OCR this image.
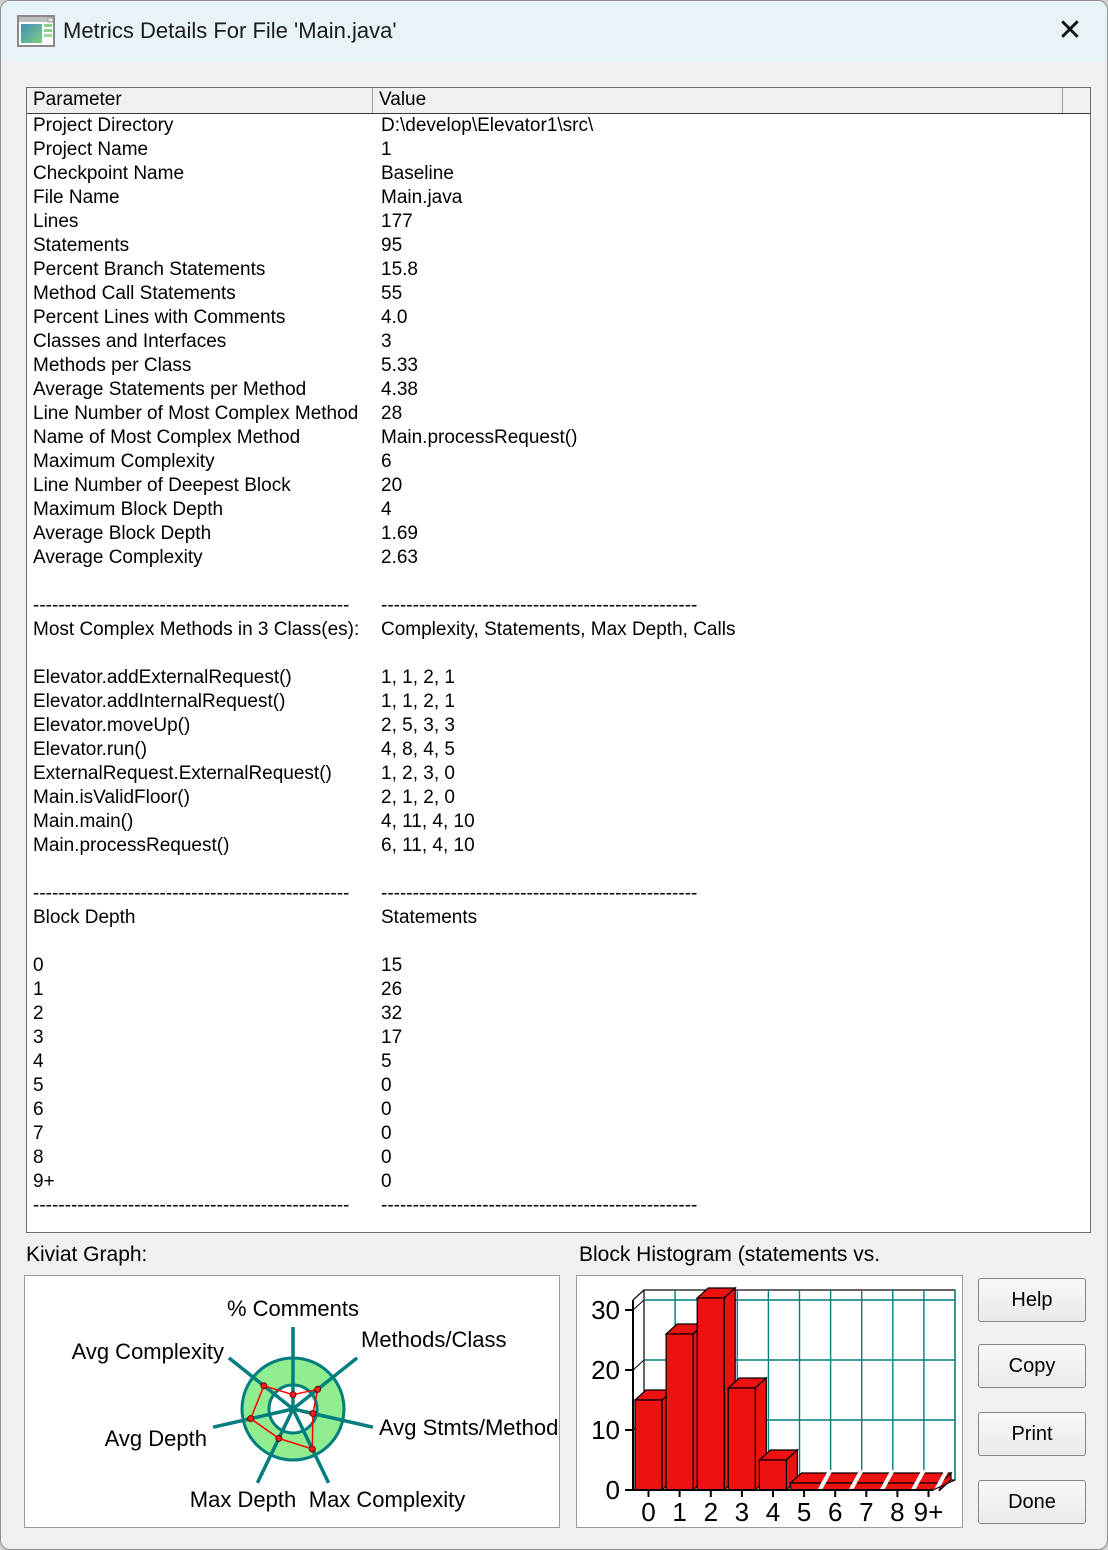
Metrics Details For File 'Main.java'	✕
Parameter	Value
Project Directory	D:\develop\Elevator1\src\
Project Name	1
Checkpoint Name	Baseline
File Name	Main.java
Lines	177
Statements	95
Percent Branch Statements	15.8
Method Call Statements	55
Percent Lines with Comments	4.0
Classes and Interfaces	3
Methods per Class	5.33
Average Statements per Method	4.38
Line Number of Most Complex Method	28
Name of Most Complex Method	Main.processRequest()
Maximum Complexity	6
Line Number of Deepest Block	20
Maximum Block Depth	4
Average Block Depth	1.69
Average Complexity	2.63
--------------------------------------------------	--------------------------------------------------
Most Complex Methods in 3 Class(es):	Complexity, Statements, Max Depth, Calls
Elevator.addExternalRequest()	1, 1, 2, 1
Elevator.addInternalRequest()	1, 1, 2, 1
Elevator.moveUp()	2, 5, 3, 3
Elevator.run()	4, 8, 4, 5
ExternalRequest.ExternalRequest()	1, 2, 3, 0
Main.isValidFloor()	2, 1, 2, 0
Main.main()	4, 11, 4, 10
Main.processRequest()	6, 11, 4, 10
--------------------------------------------------	--------------------------------------------------
Block Depth	Statements
0	15
1	26
2	32
3	17
4	5
5	0
6	0
7	0
8	0
9+	0
--------------------------------------------------	--------------------------------------------------
Kiviat Graph:	Block Histogram (statements vs.
% Comments
Methods/Class
Avg Stmts/Method
Max Complexity
Max Depth
Avg Depth
Avg Complexity
0
10
20
30
0 1 2 3 4 5 6 7 8 9+
Help
Copy
Print
Done
